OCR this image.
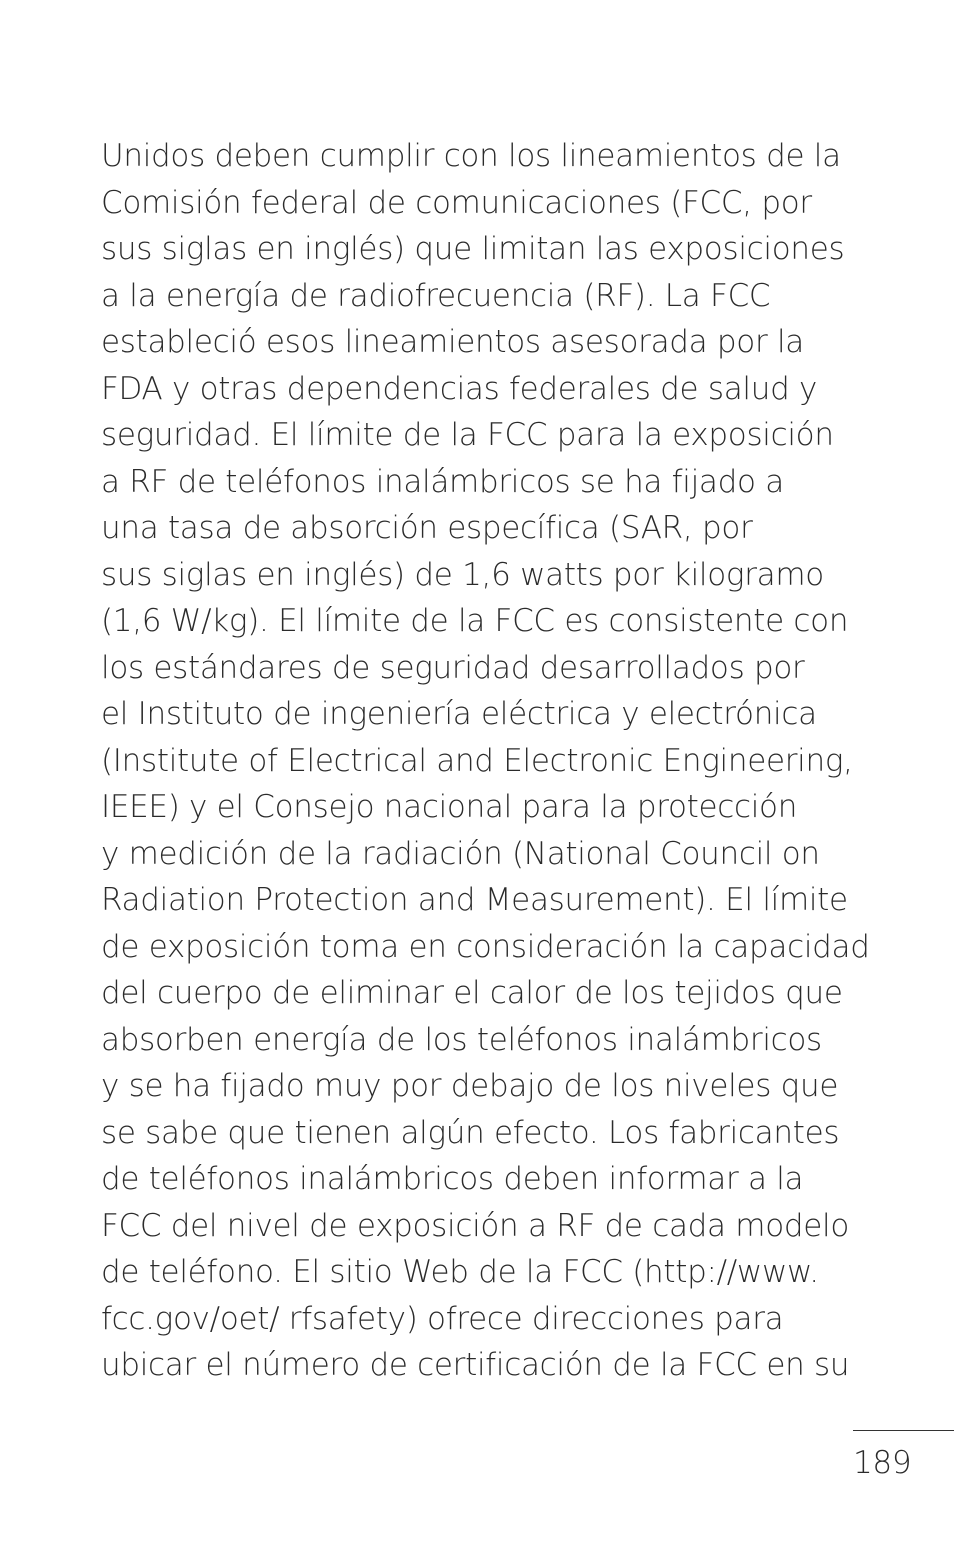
Unidos deben cumplir con los lineamientos de la
Comisión federal de comunicaciones (FCC, por
sus siglas en inglés) que limitan las exposiciones
a la energía de radiofrecuencia (RF). La FCC
estableció esos lineamientos asesorada por la
FDA y otras dependencias federales de salud y
seguridad. El límite de la FCC para la exposición
a RF de teléfonos inalámbricos se ha fijado a
una tasa de absorción específica (SAR, por
sus siglas en inglés) de 1,6 watts por kilogramo
(1,6 W/kg). El límite de la FCC es consistente con
los estándares de seguridad desarrollados por
el Instituto de ingeniería eléctrica y electrónica
(Institute of Electrical and Electronic Engineering,
IEEE) y el Consejo nacional para la protección
y medición de la radiación (National Council on
Radiation Protection and Measurement). El límite
de exposición toma en consideración la capacidad
del cuerpo de eliminar el calor de los tejidos que
absorben energía de los teléfonos inalámbricos
y se ha fijado muy por debajo de los niveles que
se sabe que tienen algún efecto. Los fabricantes
de teléfonos inalámbricos deben informar a la
FCC del nivel de exposición a RF de cada modelo
de teléfono. El sitio Web de la FCC (http://www.
fcc.gov/oet/ rfsafety) ofrece direcciones para
ubicar el número de certificación de la FCC en su
189
